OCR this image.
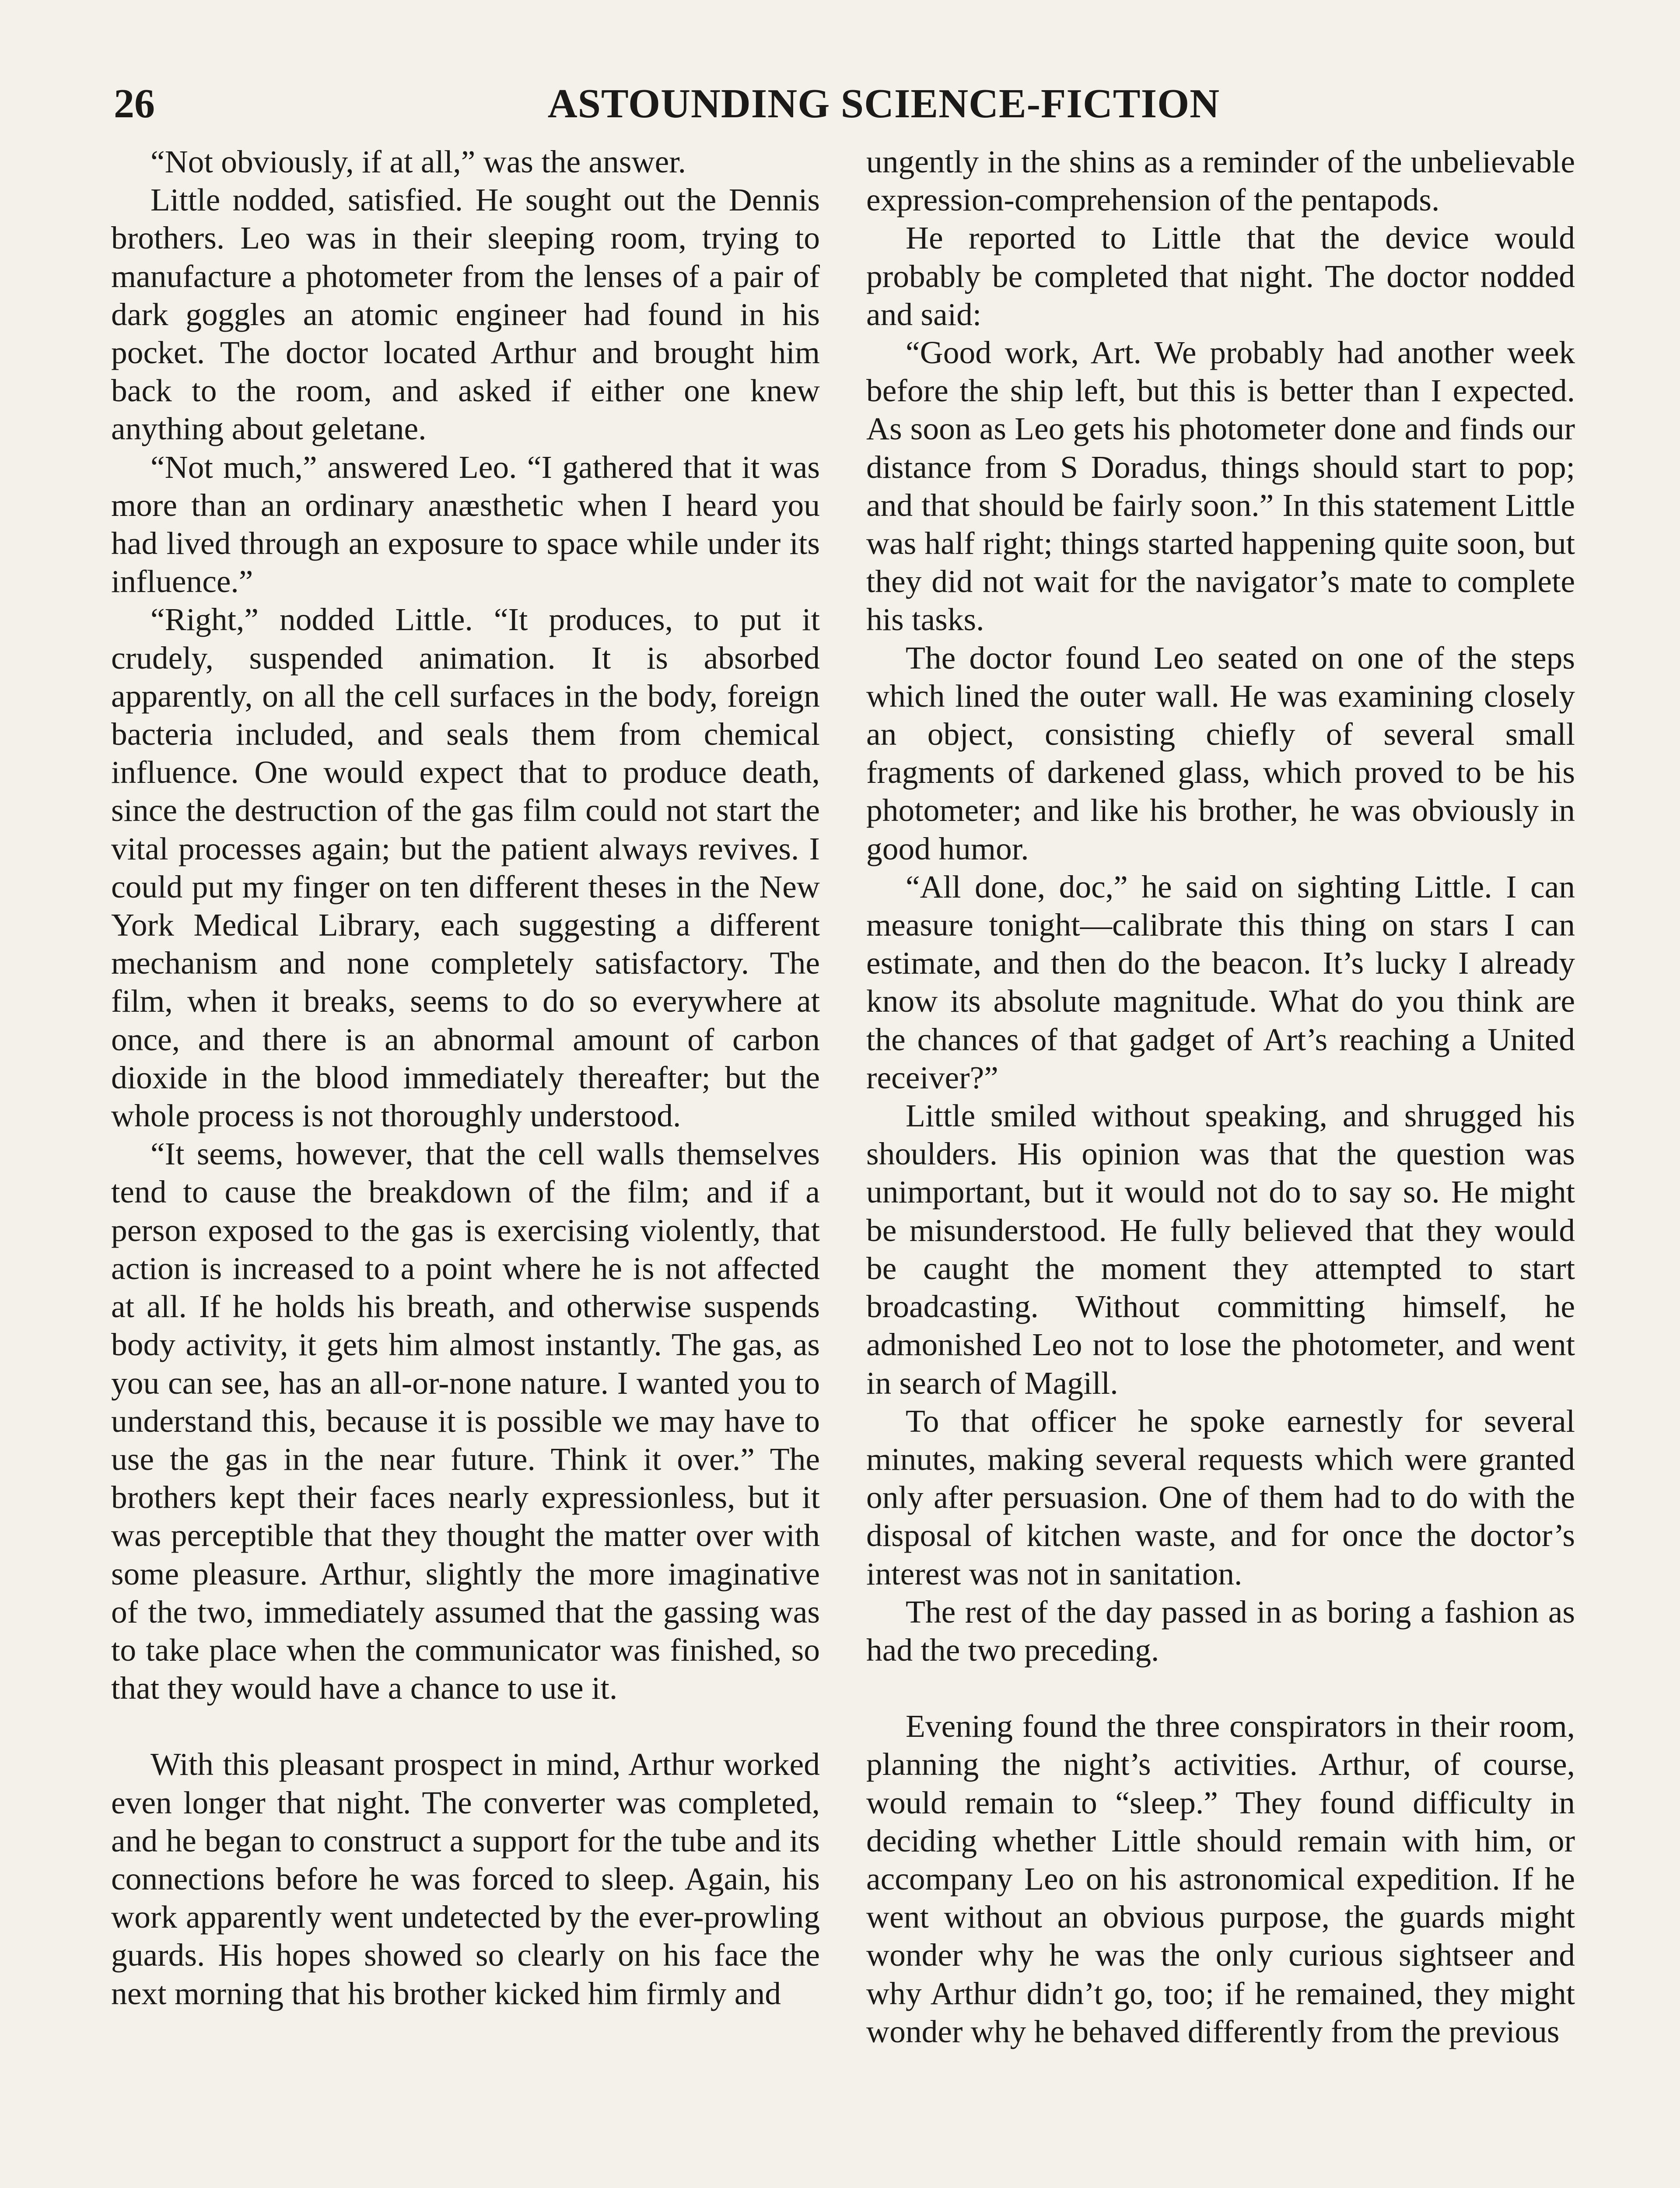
26	ASTOUNDING SCIENCE-FICTION

“Not obviously, if at all,” was the answer.

Little nodded, satisfied. He sought out the Dennis brothers. Leo was in their sleeping room, trying to manufacture a photometer from the lenses of a pair of dark goggles an atomic engineer had found in his pocket. The doctor located Arthur and brought him back to the room, and asked if either one knew anything about geletane.

“Not much,” answered Leo. “I gathered that it was more than an ordinary anæsthetic when I heard you had lived through an exposure to space while under its influence.”

“Right,” nodded Little. “It produces, to put it crudely, suspended animation. It is absorbed apparently, on all the cell surfaces in the body, foreign bacteria included, and seals them from chemical influence. One would expect that to produce death, since the destruction of the gas film could not start the vital processes again; but the patient always revives. I could put my finger on ten different theses in the New York Medical Library, each suggesting a different mechanism and none completely satisfactory. The film, when it breaks, seems to do so everywhere at once, and there is an abnormal amount of carbon dioxide in the blood immediately thereafter; but the whole process is not thoroughly understood.

“It seems, however, that the cell walls themselves tend to cause the breakdown of the film; and if a person exposed to the gas is exercising violently, that action is increased to a point where he is not affected at all. If he holds his breath, and otherwise suspends body activity, it gets him almost instantly. The gas, as you can see, has an all-or-none nature. I wanted you to understand this, because it is possible we may have to use the gas in the near future. Think it over.” The brothers kept their faces nearly expressionless, but it was perceptible that they thought the matter over with some pleasure. Arthur, slightly the more imaginative of the two, immediately assumed that the gassing was to take place when the communicator was finished, so that they would have a chance to use it.

With this pleasant prospect in mind, Arthur worked even longer that night. The converter was completed, and he began to construct a support for the tube and its connections before he was forced to sleep. Again, his work apparently went undetected by the ever-prowling guards. His hopes showed so clearly on his face the next morning that his brother kicked him firmly and

ungently in the shins as a reminder of the unbelievable expression-comprehension of the pentapods.

He reported to Little that the device would probably be completed that night. The doctor nodded and said:

“Good work, Art. We probably had another week before the ship left, but this is better than I expected. As soon as Leo gets his photometer done and finds our distance from S Doradus, things should start to pop; and that should be fairly soon.” In this statement Little was half right; things started happening quite soon, but they did not wait for the navigator’s mate to complete his tasks.

The doctor found Leo seated on one of the steps which lined the outer wall. He was examining closely an object, consisting chiefly of several small fragments of darkened glass, which proved to be his photometer; and like his brother, he was obviously in good humor.

“All done, doc,” he said on sighting Little. I can measure tonight—calibrate this thing on stars I can estimate, and then do the beacon. It’s lucky I already know its absolute magnitude. What do you think are the chances of that gadget of Art’s reaching a United receiver?”

Little smiled without speaking, and shrugged his shoulders. His opinion was that the question was unimportant, but it would not do to say so. He might be misunderstood. He fully believed that they would be caught the moment they attempted to start broadcasting. Without committing himself, he admonished Leo not to lose the photometer, and went in search of Magill.

To that officer he spoke earnestly for several minutes, making several requests which were granted only after persuasion. One of them had to do with the disposal of kitchen waste, and for once the doctor’s interest was not in sanitation.

The rest of the day passed in as boring a fashion as had the two preceding.

Evening found the three conspirators in their room, planning the night’s activities. Arthur, of course, would remain to “sleep.” They found difficulty in deciding whether Little should remain with him, or accompany Leo on his astronomical expedition. If he went without an obvious purpose, the guards might wonder why he was the only curious sightseer and why Arthur didn’t go, too; if he remained, they might wonder why he behaved differently from the previous
